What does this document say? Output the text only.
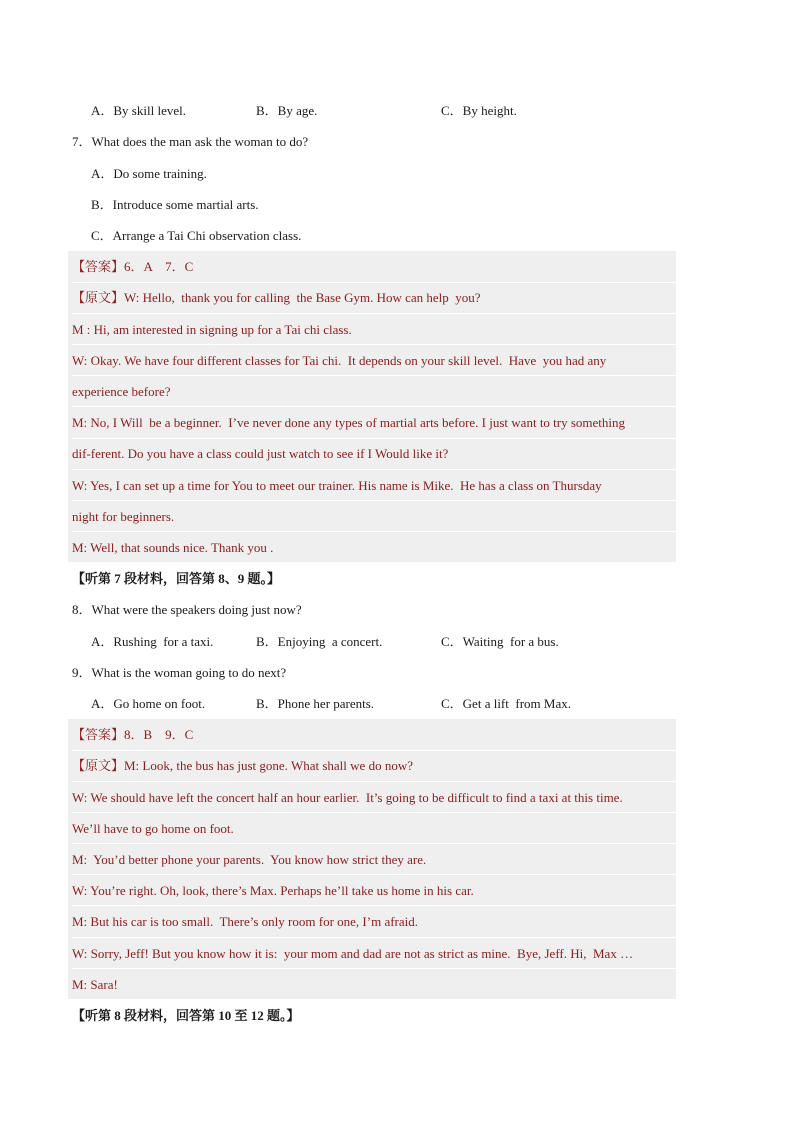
A．By skill level.	B．By age.	C．By height.
7．What does the man ask the woman to do?
A．Do some training.
B．Introduce some martial arts.
C．Arrange a Tai Chi observation class.
【答案】6．A    7．C
【原文】W: Hello,  thank you for calling  the Base Gym. How can help  you?
M : Hi, am interested in signing up for a Tai chi class.
W: Okay. We have four different classes for Tai chi.  It depends on your skill level.  Have  you had any
experience before?
M: No, I Will  be a beginner.  I’ve never done any types of martial arts before. I just want to try something
dif-ferent. Do you have a class could just watch to see if I Would like it?
W: Yes, I can set up a time for You to meet our trainer. His name is Mike.  He has a class on Thursday
night for beginners.
M: Well, that sounds nice. Thank you .
【听第 7 段材料，回答第 8、9 题。】
8．What were the speakers doing just now?
A．Rushing  for a taxi.	B．Enjoying  a concert.	C．Waiting  for a bus.
9．What is the woman going to do next?
A．Go home on foot.	B．Phone her parents.	C．Get a lift  from Max.
【答案】8．B    9．C
【原文】M: Look, the bus has just gone. What shall we do now?
W: We should have left the concert half an hour earlier.  It’s going to be difficult to find a taxi at this time.
We’ll have to go home on foot.
M:  You’d better phone your parents.  You know how strict they are.
W: You’re right. Oh, look, there’s Max. Perhaps he’ll take us home in his car.
M: But his car is too small.  There’s only room for one, I’m afraid.
W: Sorry, Jeff! But you know how it is:  your mom and dad are not as strict as mine.  Bye, Jeff. Hi,  Max …
M: Sara!
【听第 8 段材料，回答第 10 至 12 题。】
